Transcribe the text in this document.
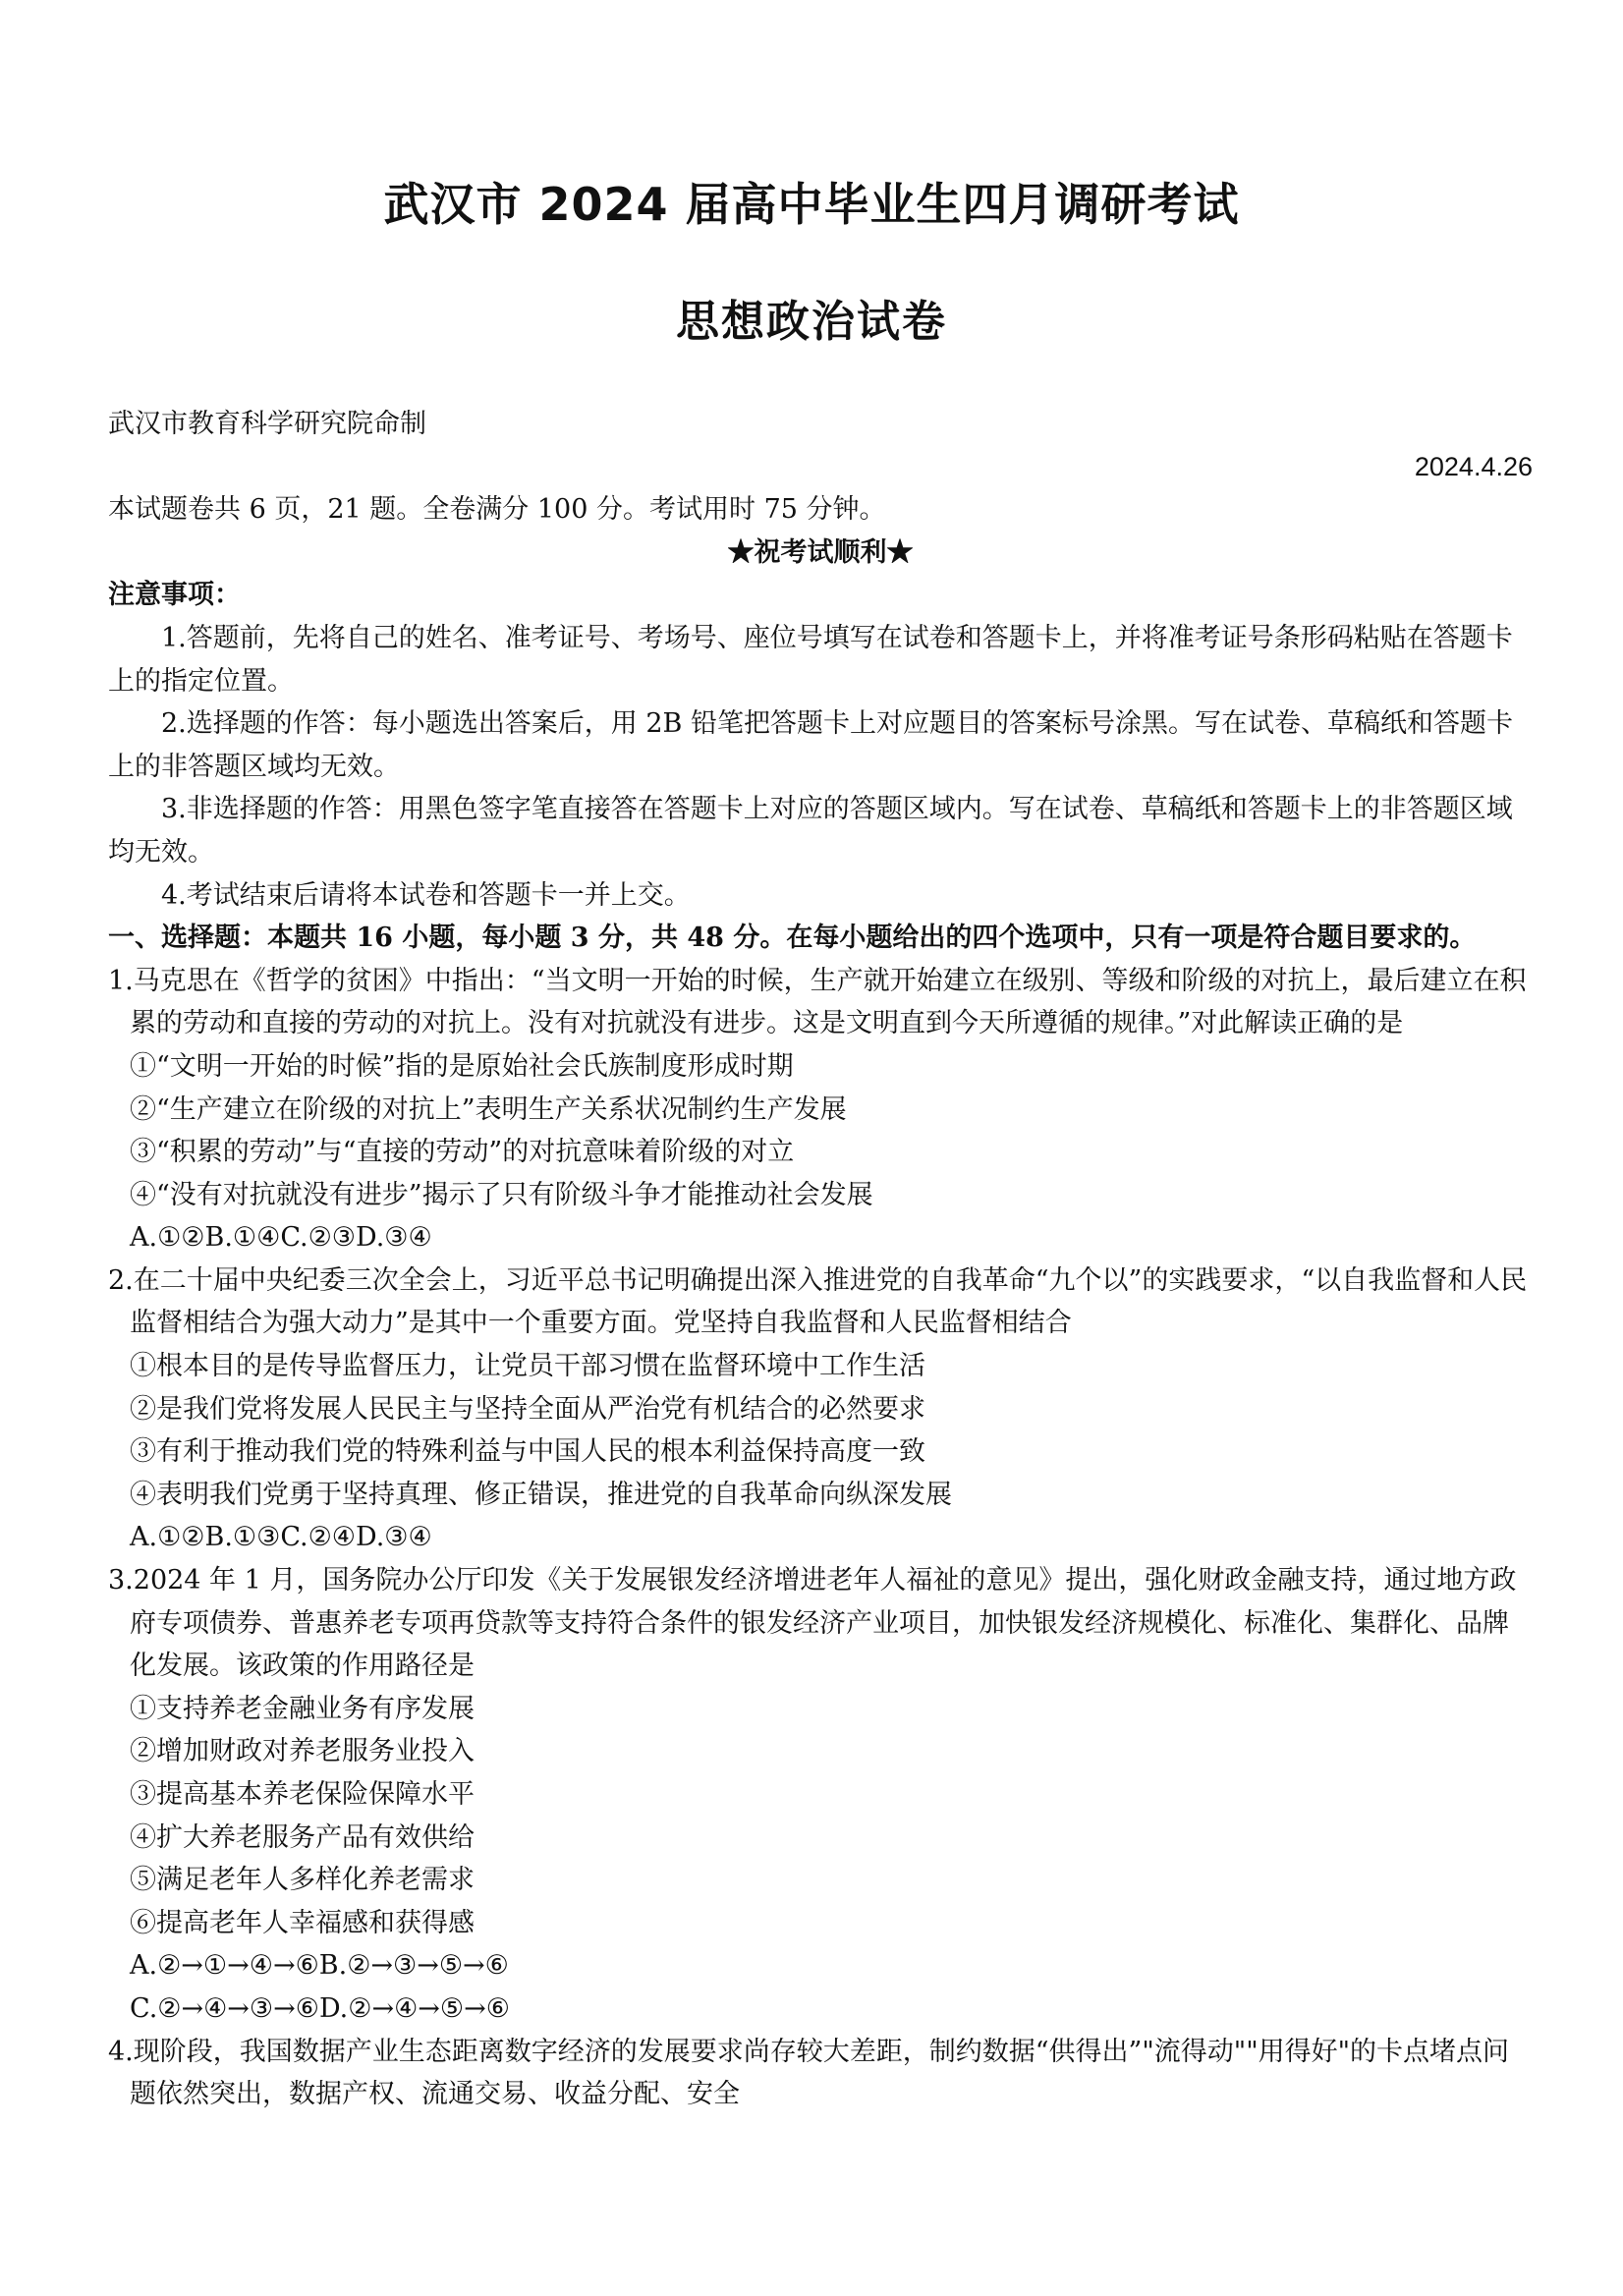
武汉市 2024 届高中毕业生四月调研考试
思想政治试卷

武汉市教育科学研究院命制

2024.4.26

本试题卷共 6 页，21 题。全卷满分 100 分。考试用时 75 分钟。

★祝考试顺利★

注意事项：

1.答题前，先将自己的姓名、准考证号、考场号、座位号填写在试卷和答题卡上，并将准考证号条形码粘贴在答题卡上的指定位置。

2.选择题的作答：每小题选出答案后，用 2B 铅笔把答题卡上对应题目的答案标号涂黑。写在试卷、草稿纸和答题卡上的非答题区域均无效。

3.非选择题的作答：用黑色签字笔直接答在答题卡上对应的答题区域内。写在试卷、草稿纸和答题卡上的非答题区域均无效。

4.考试结束后请将本试卷和答题卡一并上交。

一、选择题：本题共 16 小题，每小题 3 分，共 48 分。在每小题给出的四个选项中，只有一项是符合题目要求的。

1.马克思在《哲学的贫困》中指出：“当文明一开始的时候，生产就开始建立在级别、等级和阶级的对抗上，最后建立在积累的劳动和直接的劳动的对抗上。没有对抗就没有进步。这是文明直到今天所遵循的规律。”对此解读正确的是

①“文明一开始的时候”指的是原始社会氏族制度形成时期

②“生产建立在阶级的对抗上”表明生产关系状况制约生产发展

③“积累的劳动”与“直接的劳动”的对抗意味着阶级的对立

④“没有对抗就没有进步”揭示了只有阶级斗争才能推动社会发展

A.①②B.①④C.②③D.③④

2.在二十届中央纪委三次全会上，习近平总书记明确提出深入推进党的自我革命“九个以”的实践要求，“以自我监督和人民监督相结合为强大动力”是其中一个重要方面。党坚持自我监督和人民监督相结合

①根本目的是传导监督压力，让党员干部习惯在监督环境中工作生活

②是我们党将发展人民民主与坚持全面从严治党有机结合的必然要求

③有利于推动我们党的特殊利益与中国人民的根本利益保持高度一致

④表明我们党勇于坚持真理、修正错误，推进党的自我革命向纵深发展

A.①②B.①③C.②④D.③④

3.2024 年 1 月，国务院办公厅印发《关于发展银发经济增进老年人福祉的意见》提出，强化财政金融支持，通过地方政府专项债券、普惠养老专项再贷款等支持符合条件的银发经济产业项目，加快银发经济规模化、标准化、集群化、品牌化发展。该政策的作用路径是

①支持养老金融业务有序发展

②增加财政对养老服务业投入

③提高基本养老保险保障水平

④扩大养老服务产品有效供给

⑤满足老年人多样化养老需求

⑥提高老年人幸福感和获得感

A.②→①→④→⑥B.②→③→⑤→⑥

C.②→④→③→⑥D.②→④→⑤→⑥

4.现阶段，我国数据产业生态距离数字经济的发展要求尚存较大差距，制约数据“供得出”"流得动""用得好"的卡点堵点问题依然突出，数据产权、流通交易、收益分配、安全
